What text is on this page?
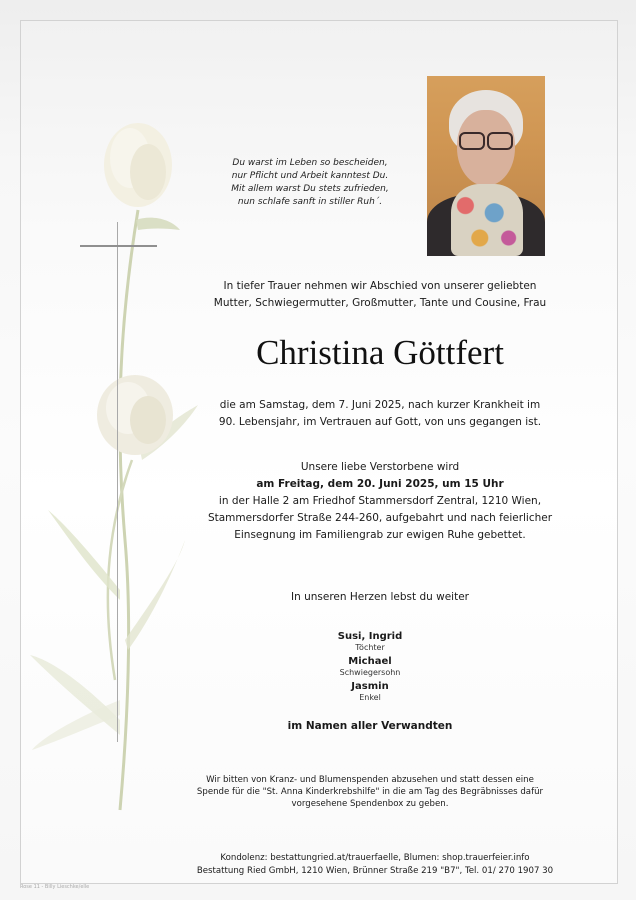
Du warst im Leben so bescheiden,
nur Pflicht und Arbeit kanntest Du.
Mit allem warst Du stets zufrieden,
nun schlafe sanft in stiller Ruh´.
In tiefer Trauer nehmen wir Abschied von unserer geliebten
Mutter, Schwiegermutter, Großmutter, Tante und Cousine, Frau
Christina Göttfert
die am Samstag, dem 7. Juni 2025, nach kurzer Krankheit im
90. Lebensjahr, im Vertrauen auf Gott, von uns gegangen ist.
Unsere liebe Verstorbene wird
am Freitag, dem 20. Juni 2025, um 15 Uhr
in der Halle 2 am Friedhof Stammersdorf Zentral, 1210 Wien,
Stammersdorfer Straße 244-260, aufgebahrt und nach feierlicher
Einsegnung im Familiengrab zur ewigen Ruhe gebettet.
In unseren Herzen lebst du weiter
Susi, Ingrid
Töchter
Michael
Schwiegersohn
Jasmin
Enkel
im Namen aller Verwandten
Wir bitten von Kranz- und Blumenspenden abzusehen und statt dessen eine
Spende für die "St. Anna Kinderkrebshilfe" in die am Tag des Begräbnisses dafür
vorgesehene Spendenbox zu geben.
Kondolenz: bestattungried.at/trauerfaelle, Blumen: shop.trauerfeier.info
Bestattung Ried GmbH, 1210 Wien, Brünner Straße 219 "B7", Tel. 01/ 270 1907 30
Rose 11 - Billy Lieschke/elle
